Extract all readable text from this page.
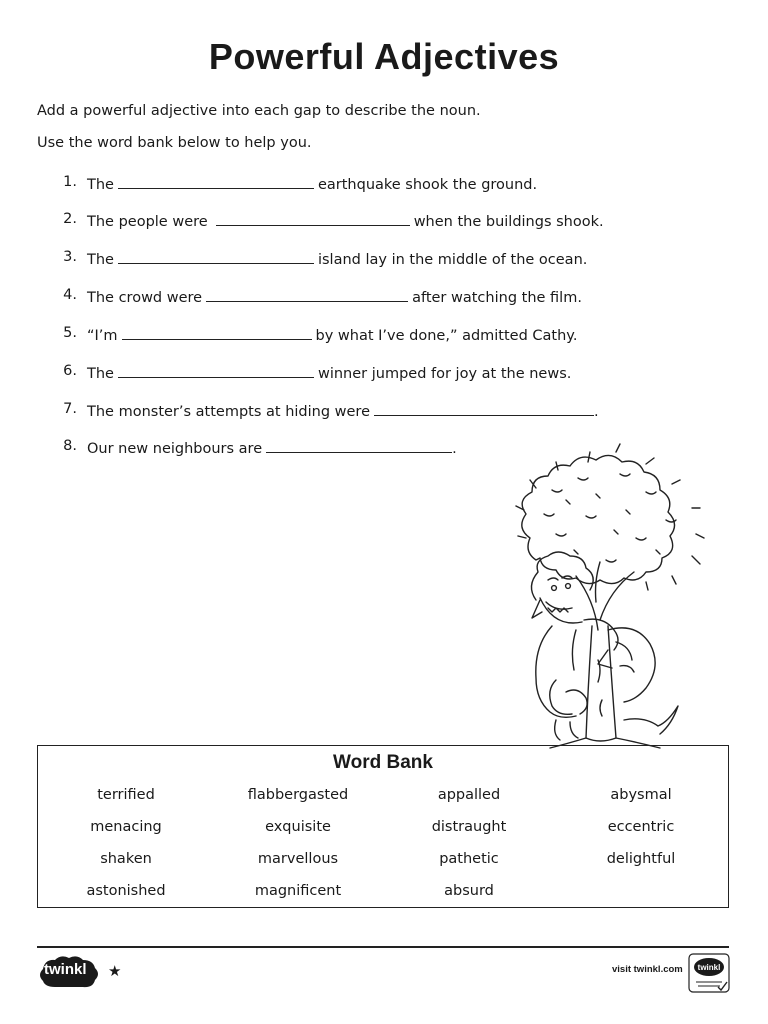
Powerful Adjectives
Add a powerful adjective into each gap to describe the noun.
Use the word bank below to help you.
1. The	earthquake shook the ground.
2. The people were	when the buildings shook.
3. The	island lay in the middle of the ocean.
4. The crowd were	after watching the film.
5. “I’m	by what I’ve done,” admitted Cathy.
6. The	winner jumped for joy at the news.
7. The monster’s attempts at hiding were	.
8. Our new neighbours are	.
Word Bank
terrified	flabbergasted	appalled	abysmal
menacing	exquisite	distraught	eccentric
shaken	marvellous	pathetic	delightful
astonished	magnificent	absurd
twinkl ★	visit twinkl.com twinkl
